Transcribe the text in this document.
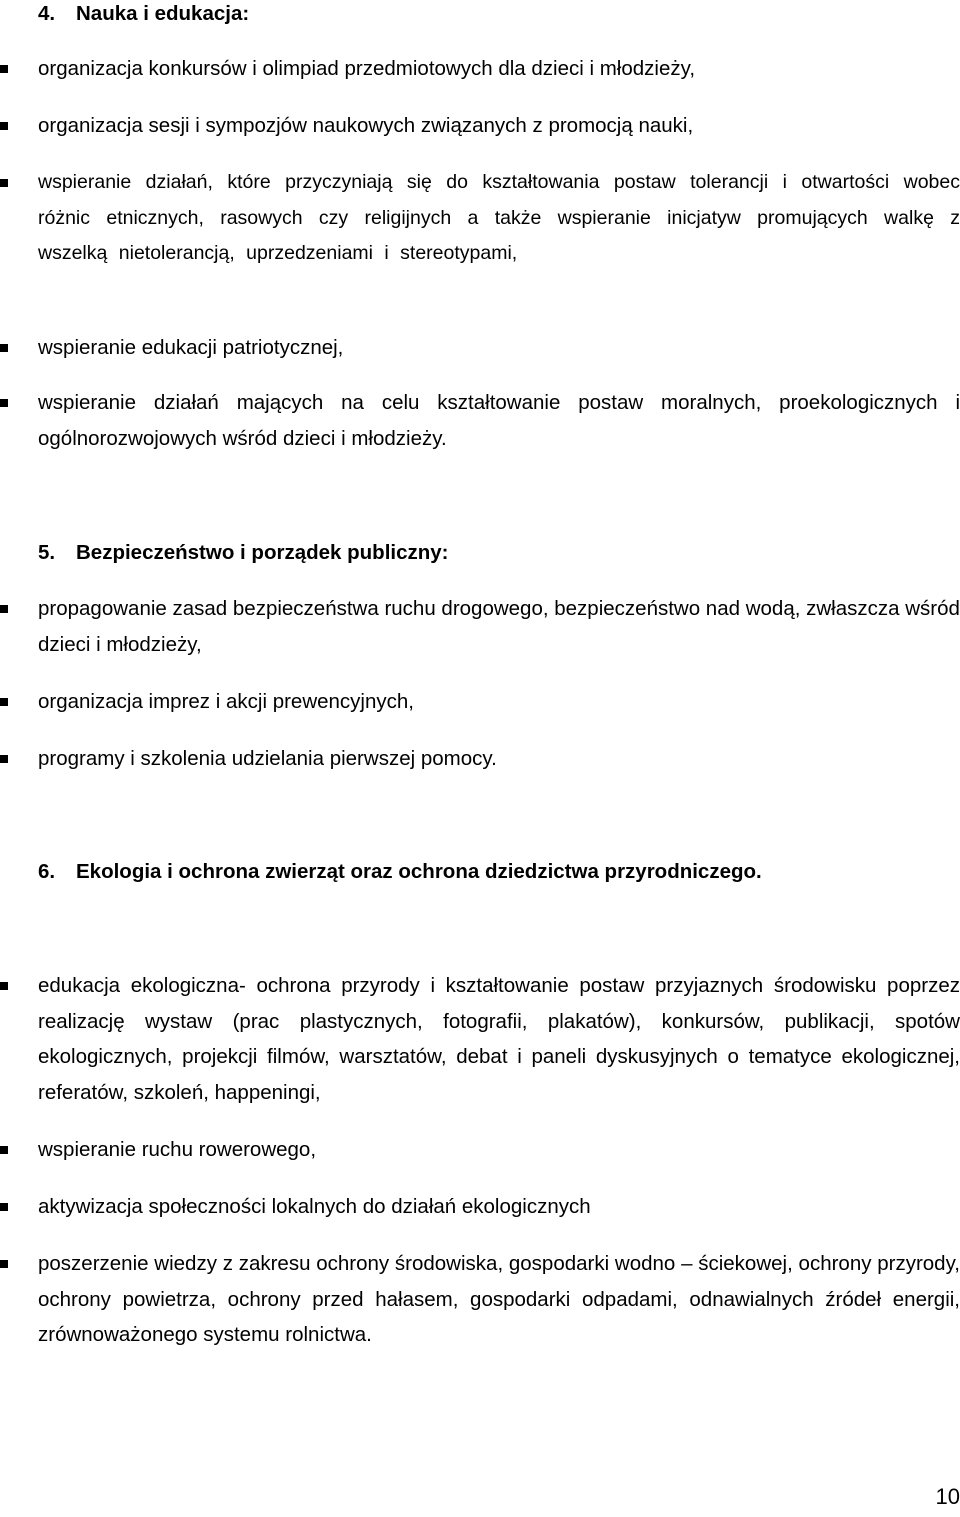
4. Nauka i edukacja:
organizacja konkursów i olimpiad przedmiotowych dla dzieci i młodzieży,
organizacja sesji i sympozjów naukowych związanych z promocją nauki,
wspieranie działań, które przyczyniają się do kształtowania postaw tolerancji i otwartości wobec różnic etnicznych, rasowych czy religijnych a także wspieranie inicjatyw promujących walkę z wszelką nietolerancją, uprzedzeniami i stereotypami,
wspieranie edukacji patriotycznej,
wspieranie działań mających na celu kształtowanie postaw moralnych, proekologicznych i ogólnorozwojowych wśród dzieci i młodzieży.
5. Bezpieczeństwo i porządek publiczny:
propagowanie zasad bezpieczeństwa ruchu drogowego, bezpieczeństwo nad wodą, zwłaszcza wśród dzieci i młodzieży,
organizacja imprez i akcji prewencyjnych,
programy i szkolenia udzielania pierwszej pomocy.
6. Ekologia i ochrona zwierząt oraz ochrona dziedzictwa przyrodniczego.
edukacja ekologiczna- ochrona przyrody i kształtowanie postaw przyjaznych środowisku poprzez realizację wystaw (prac plastycznych, fotografii, plakatów), konkursów, publikacji, spotów ekologicznych, projekcji filmów, warsztatów, debat i paneli dyskusyjnych o tematyce ekologicznej, referatów, szkoleń, happeningi,
wspieranie ruchu rowerowego,
aktywizacja społeczności lokalnych do działań ekologicznych
poszerzenie wiedzy z zakresu ochrony środowiska, gospodarki wodno – ściekowej, ochrony przyrody, ochrony powietrza, ochrony przed hałasem, gospodarki odpadami, odnawialnych źródeł energii, zrównoważonego systemu rolnictwa.
10
